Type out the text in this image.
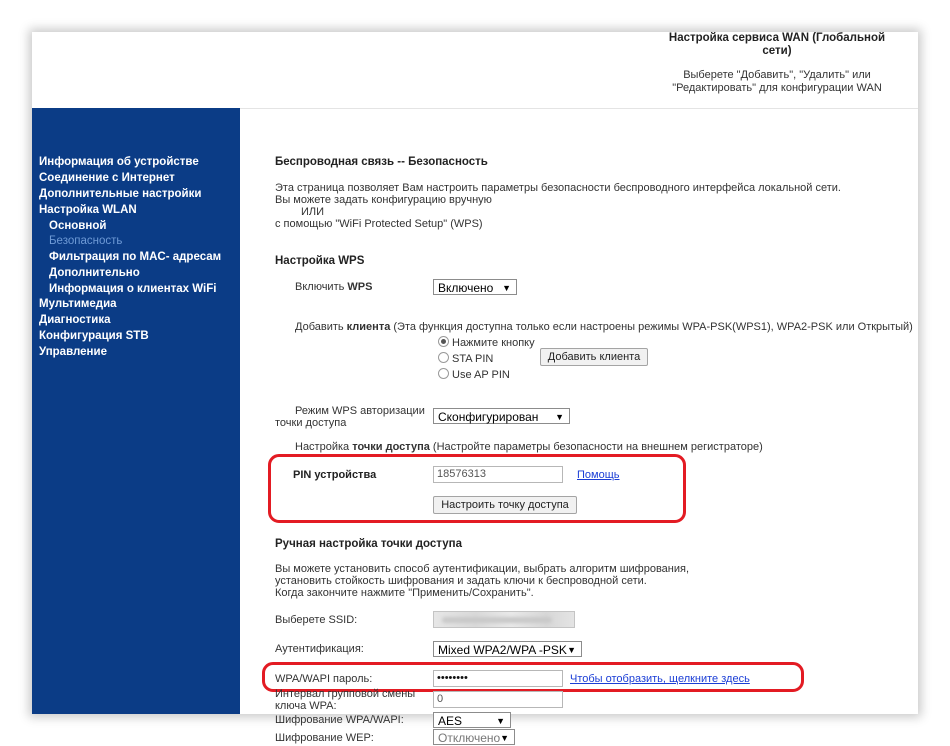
Настройка сервиса WAN (Глобальной сети)
Выберете "Добавить", "Удалить" или "Редактировать" для конфигурации WAN
Информация об устройстве
Соединение с Интернет
Дополнительные настройки
Настройка WLAN
Основной
Безопасность
Фильтрация по MAC- адресам
Дополнительно
Информация о клиентах WiFi
Мультимедиа
Диагностика
Конфигурация STB
Управление
Беспроводная связь -- Безопасность
Эта страница позволяет Вам настроить параметры безопасности беспроводного интерфейса локальной сети.
Вы можете задать конфигурацию вручную
ИЛИ
с помощью "WiFi Protected Setup" (WPS)
Настройка WPS
Включить WPS	Включено ▼
Добавить клиента (Эта функция доступна только если настроены режимы WPA-PSK(WPS1), WPA2-PSK или Открытый)
Нажмите кнопку
STA PIN
Use AP PIN
Добавить клиента
Режим WPS авторизации
точки доступа	Сконфигурирован ▼
Настройка точки доступа (Настройте параметры безопасности на внешнем регистраторе)
PIN устройства	18576313	Помощь
Настроить точку доступа
Ручная настройка точки доступа
Вы можете установить способ аутентификации, выбрать алгоритм шифрования,
установить стойкость шифрования и задать ключи к беспроводной сети.
Когда закончите нажмите "Применить/Сохранить".
Выберете SSID:
Аутентификация:	Mixed WPA2/WPA -PSK ▼
WPA/WAPI пароль:	••••••••	Чтобы отобразить, щелкните здесь
Интервал групповой смены
ключа WPA:
0
Шифрование WPA/WAPI:	AES	▼
Шифрование WEP:	Отключено ▼
